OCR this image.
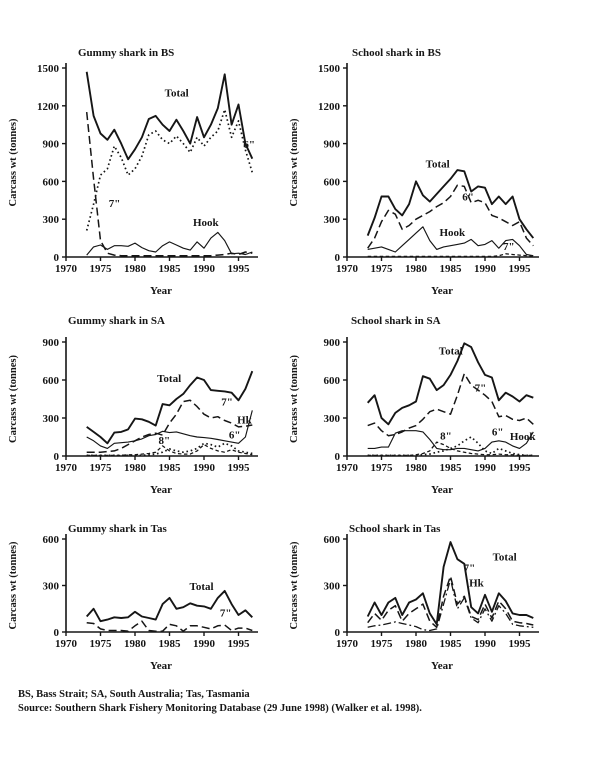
0
300
600
900
1200
1500
1970 1975 1980 1985 1990 1995
Total
6"
7"
Hook
Gummy shark in BS
Year
Carcass wt (tonnes)
0
300
600
900
1200
1500
1970 1975 1980 1985 1990 1995
Total
6"
Hook
7"
School shark in BS
Year
Carcass wt (tonnes)
0
300
600
900
1970 1975 1980 1985 1990 1995
Total
7"
Hk
8"	6"
Gummy shark in SA
Year
Carcass wt (tonnes)
0
300
600
900
1970 1975 1980 1985 1990 1995
Total
7"
Hook
8"	6"
School shark in SA
Year
Carcass wt (tonnes)
0
300
600
1970 1975 1980 1985 1990 1995
Total
7"
Gummy shark in Tas
Year
Carcass wt (tonnes)
0
300
600
1970 1975 1980 1985 1990 1995
Total
7"
Hk
School shark in Tas
Year
Carcass wt (tonnes)
BS, Bass Strait; SA, South Australia; Tas, Tasmania
Source: Southern Shark Fishery Monitoring Database (29 June 1998) (Walker et al. 1998).
